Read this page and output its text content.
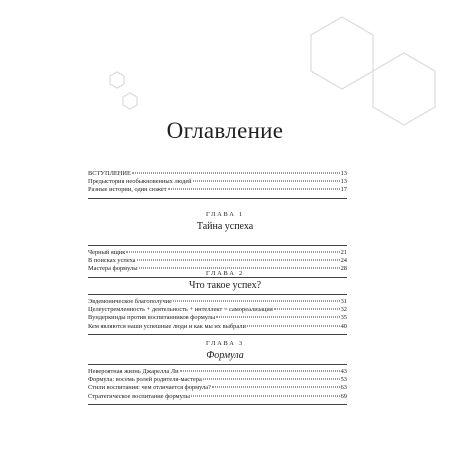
Оглавление
ВСТУПЛЕНИЕ	13
Предыстория необыкновенных людей	13
Разные истории, один сюжет	17
ГЛАВА 1
Тайна успеха
Черный ящик	21
В поисках успеха	24
Мастера формулы	28
ГЛАВА 2
Что такое успех?
Эвдемоническое благополучие	31
Целеустремленность + деятельность + интеллект = самореализация	32
Вундеркинды против воспитанников формулы	35
Кем являются наши успешные люди и как мы их выбрали	40
ГЛАВА 3
Формула
Невероятная жизнь Джарелла Ли	43
Формула: восемь ролей родителя-мастера	53
Стили воспитания: чем отличается формула?	63
Стратегическое воспитание формулы	69
